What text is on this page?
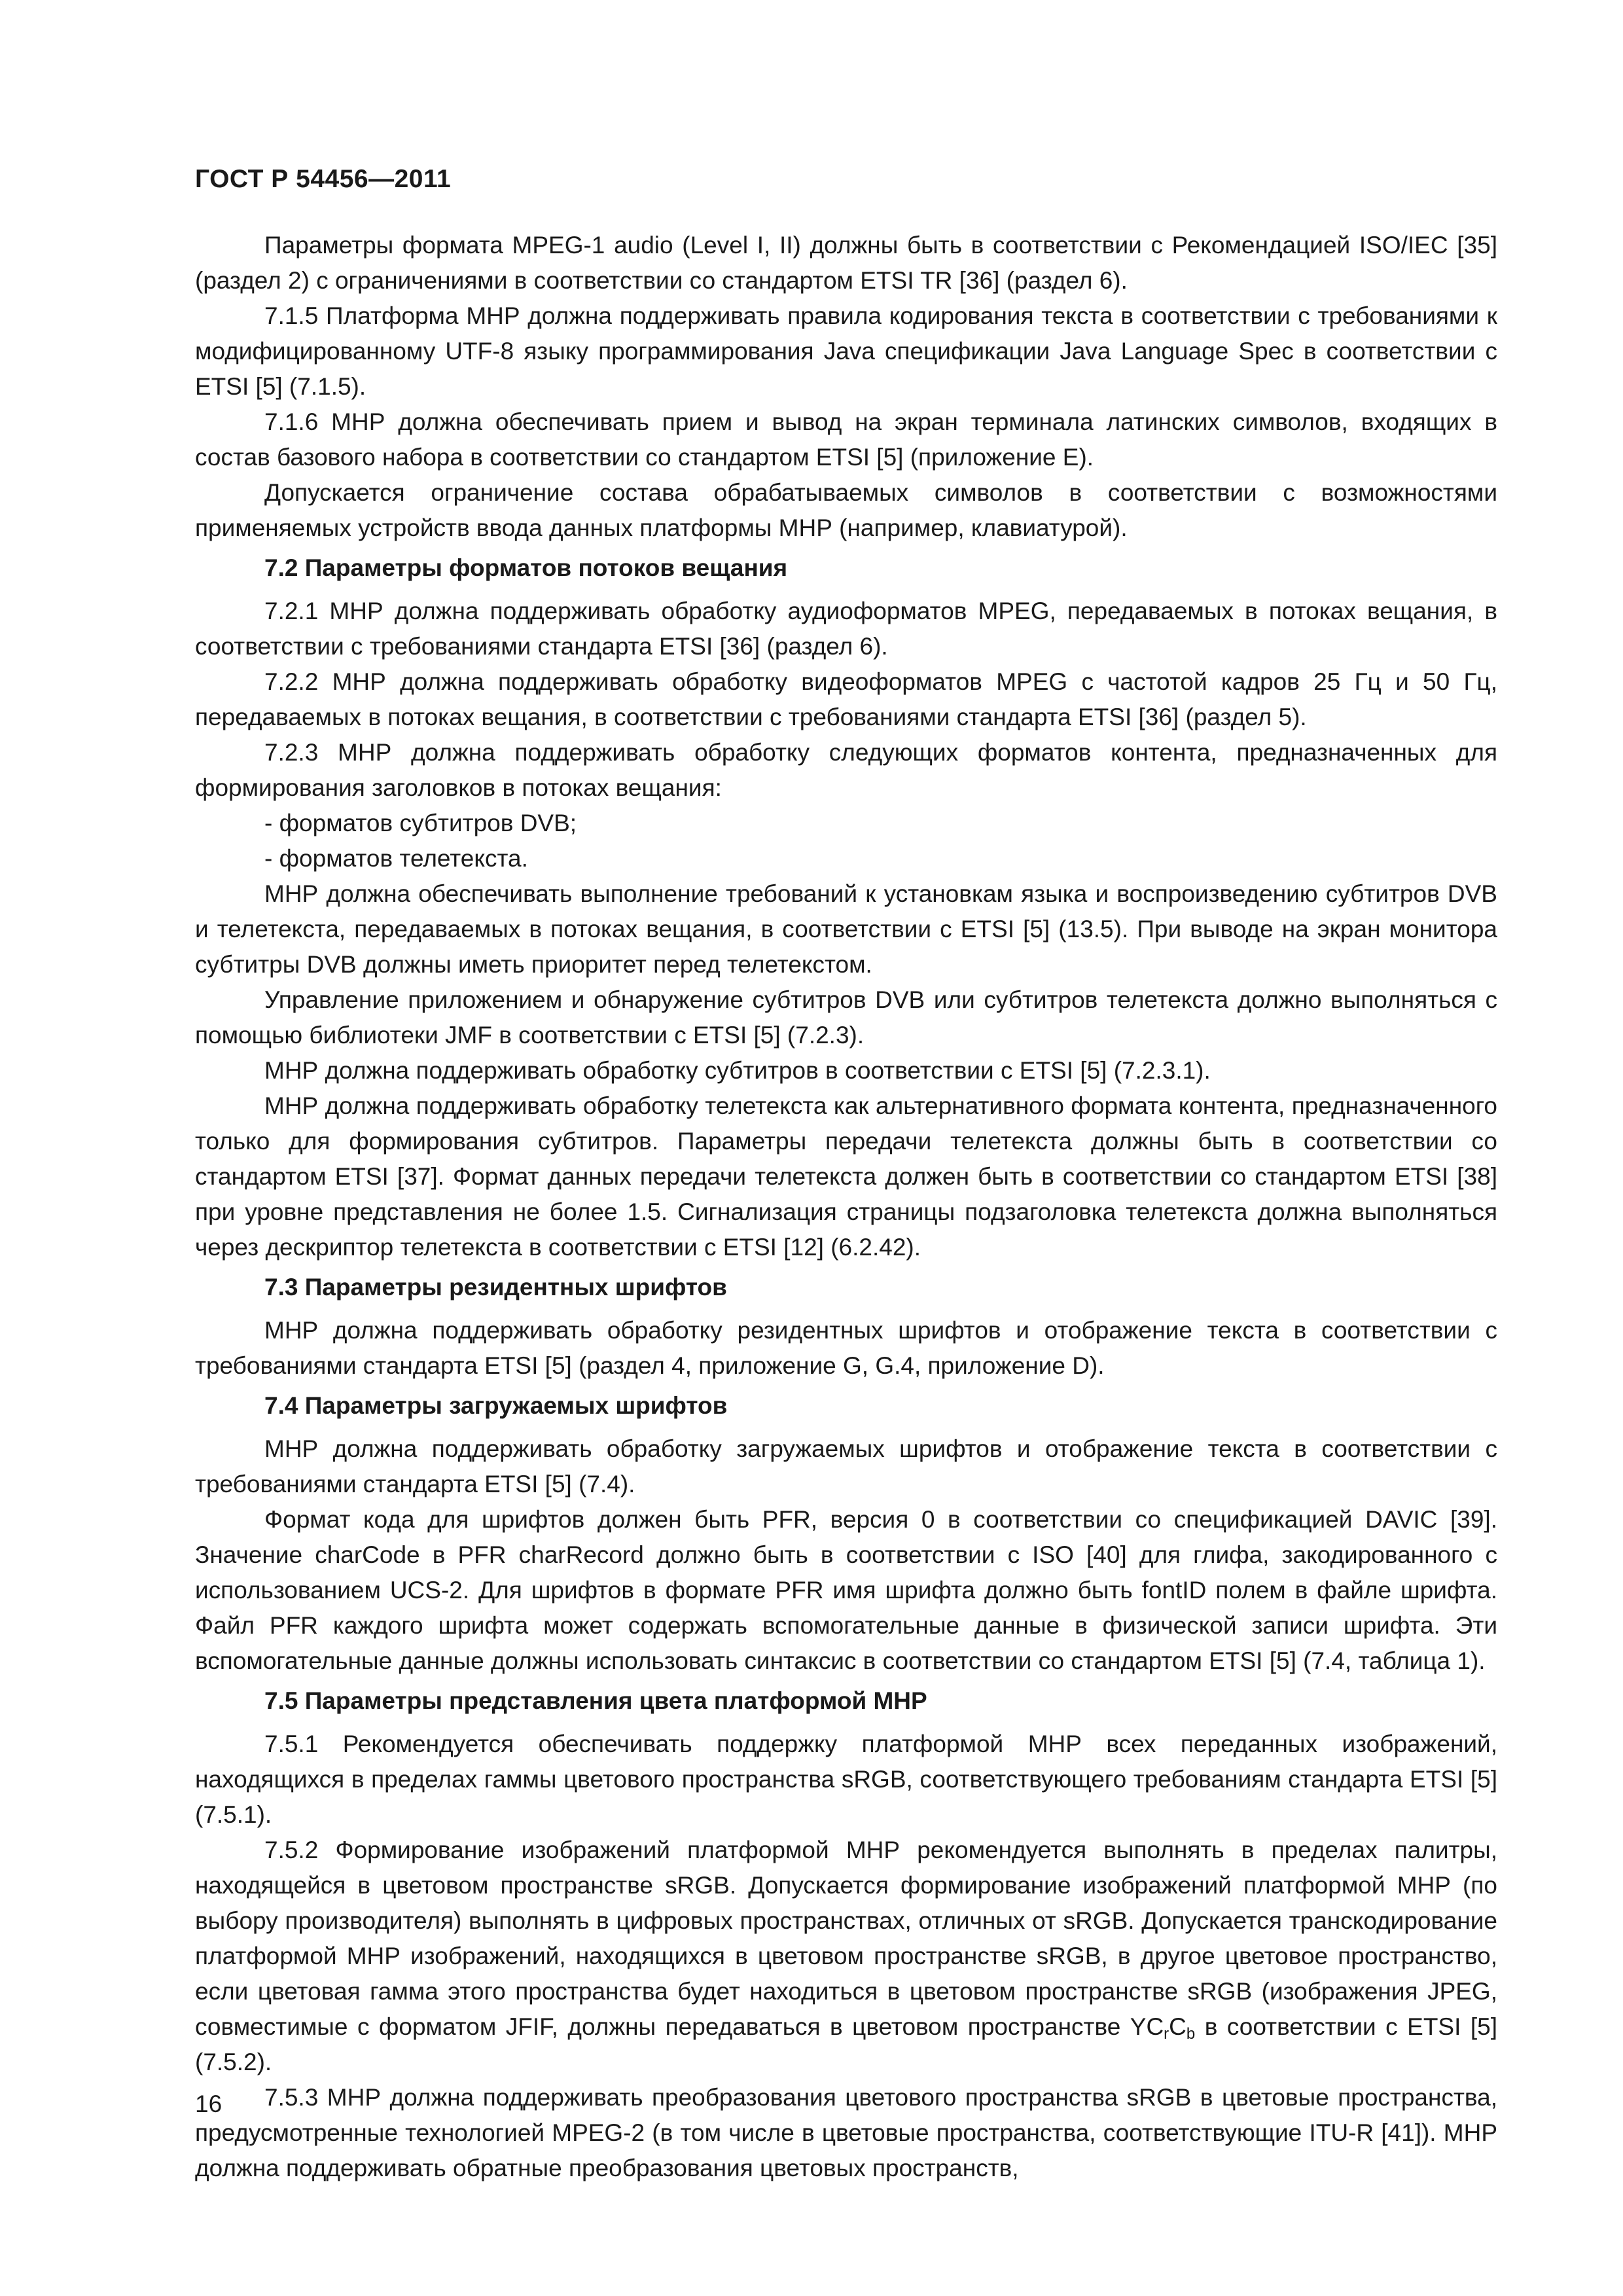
ГОСТ Р 54456—2011

Параметры формата MPEG-1 audio (Level I, II) должны быть в соответствии с Рекомендацией ISO/IEC [35] (раздел 2) с ограничениями в соответствии со стандартом ETSI TR [36] (раздел 6).

7.1.5 Платформа МНР должна поддерживать правила кодирования текста в соответствии с требованиями к модифицированному UTF-8 языку программирования Java спецификации Java Language Spec в соответствии с ETSI [5] (7.1.5).

7.1.6 МНР должна обеспечивать прием и вывод на экран терминала латинских символов, входящих в состав базового набора в соответствии со стандартом ETSI [5] (приложение Е).

Допускается ограничение состава обрабатываемых символов в соответствии с возможностями применяемых устройств ввода данных платформы МНР (например, клавиатурой).

7.2 Параметры форматов потоков вещания

7.2.1 МНР должна поддерживать обработку аудиоформатов MPEG, передаваемых в потоках вещания, в соответствии с требованиями стандарта ETSI [36] (раздел 6).

7.2.2 МНР должна поддерживать обработку видеоформатов MPEG с частотой кадров 25 Гц и 50 Гц, передаваемых в потоках вещания, в соответствии с требованиями стандарта ETSI [36] (раздел 5).

7.2.3 МНР должна поддерживать обработку следующих форматов контента, предназначенных для формирования заголовков в потоках вещания:

- форматов субтитров DVB;

- форматов телетекста.

МНР должна обеспечивать выполнение требований к установкам языка и воспроизведению субтитров DVB и телетекста, передаваемых в потоках вещания, в соответствии с ETSI [5] (13.5). При выводе на экран монитора субтитры DVB должны иметь приоритет перед телетекстом.

Управление приложением и обнаружение субтитров DVB или субтитров телетекста должно выполняться с помощью библиотеки JMF в соответствии с ETSI [5] (7.2.3).

МНР должна поддерживать обработку субтитров в соответствии с ETSI [5] (7.2.3.1).

МНР должна поддерживать обработку телетекста как альтернативного формата контента, предназначенного только для формирования субтитров. Параметры передачи телетекста должны быть в соответствии со стандартом ETSI [37]. Формат данных передачи телетекста должен быть в соответствии со стандартом ETSI [38] при уровне представления не более 1.5. Сигнализация страницы подзаголовка телетекста должна выполняться через дескриптор телетекста в соответствии с ETSI [12] (6.2.42).

7.3 Параметры резидентных шрифтов

МНР должна поддерживать обработку резидентных шрифтов и отображение текста в соответствии с требованиями стандарта ETSI [5] (раздел 4, приложение G, G.4, приложение D).

7.4 Параметры загружаемых шрифтов

МНР должна поддерживать обработку загружаемых шрифтов и отображение текста в соответствии с требованиями стандарта ETSI [5] (7.4).

Формат кода для шрифтов должен быть PFR, версия 0 в соответствии со спецификацией DAVIC [39]. Значение charCode в PFR charRecord должно быть в соответствии с ISO [40] для глифа, закодированного с использованием UCS-2. Для шрифтов в формате PFR имя шрифта должно быть fontID полем в файле шрифта. Файл PFR каждого шрифта может содержать вспомогательные данные в физической записи шрифта. Эти вспомогательные данные должны использовать синтаксис в соответствии со стандартом ETSI [5] (7.4, таблица 1).

7.5 Параметры представления цвета платформой МНР

7.5.1 Рекомендуется обеспечивать поддержку платформой МНР всех переданных изображений, находящихся в пределах гаммы цветового пространства sRGB, соответствующего требованиям стандарта ETSI [5] (7.5.1).

7.5.2 Формирование изображений платформой МНР рекомендуется выполнять в пределах палитры, находящейся в цветовом пространстве sRGB. Допускается формирование изображений платформой МНР (по выбору производителя) выполнять в цифровых пространствах, отличных от sRGB. Допускается транскодирование платформой МНР изображений, находящихся в цветовом пространстве sRGB, в другое цветовое пространство, если цветовая гамма этого пространства будет находиться в цветовом пространстве sRGB (изображения JPEG, совместимые с форматом JFIF, должны передаваться в цветовом пространстве $YC_rC_b$ в соответствии с ETSI [5] (7.5.2).

7.5.3 МНР должна поддерживать преобразования цветового пространства sRGB в цветовые пространства, предусмотренные технологией MPEG-2 (в том числе в цветовые пространства, соответствующие ITU-R [41]). МНР должна поддерживать обратные преобразования цветовых пространств,

16
